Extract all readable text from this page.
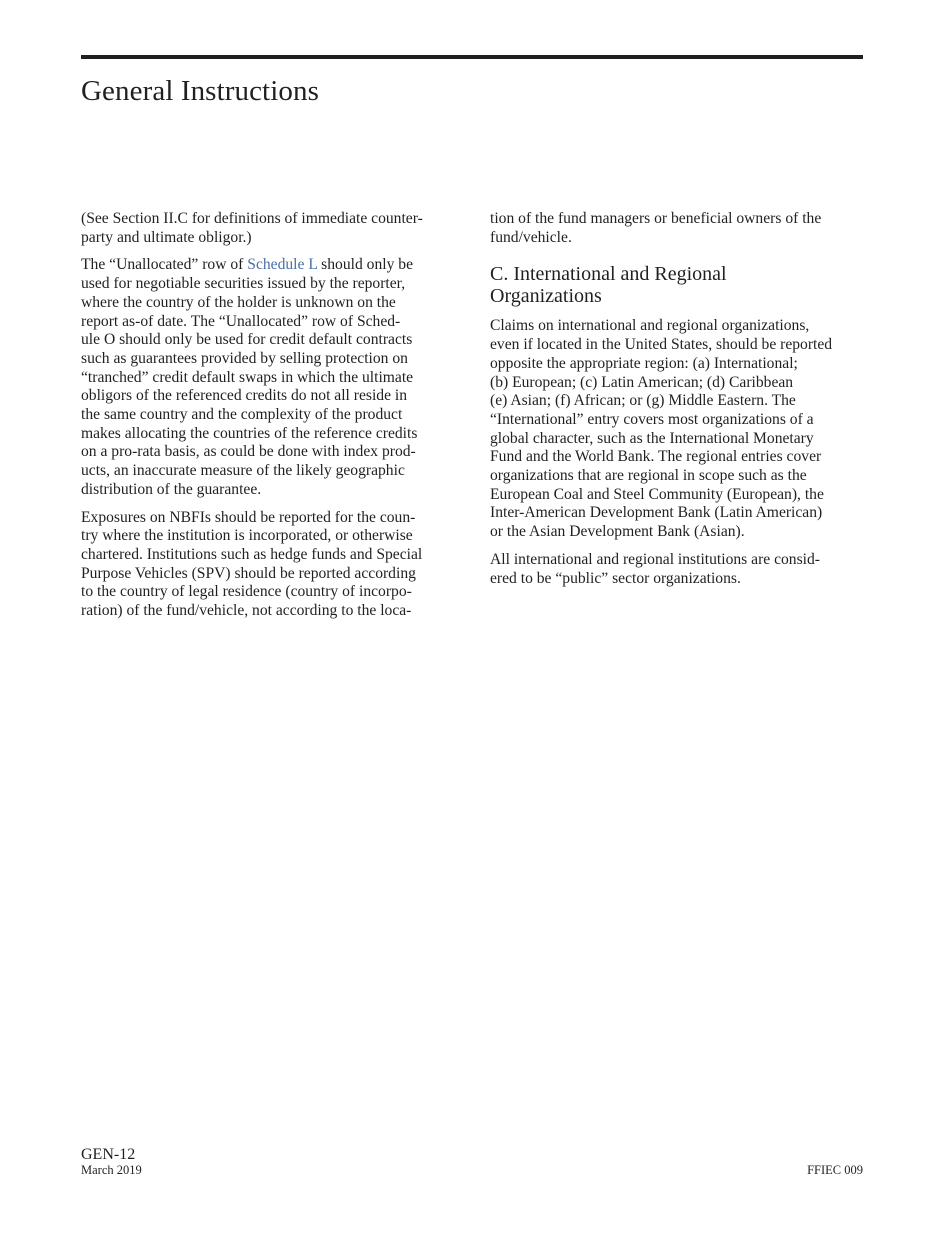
General Instructions

(See Section II.C for definitions of immediate counter-
party and ultimate obligor.)

The “Unallocated” row of Schedule L should only be
used for negotiable securities issued by the reporter,
where the country of the holder is unknown on the
report as-of date. The “Unallocated” row of Sched-
ule O should only be used for credit default contracts
such as guarantees provided by selling protection on
“tranched” credit default swaps in which the ultimate
obligors of the referenced credits do not all reside in
the same country and the complexity of the product
makes allocating the countries of the reference credits
on a pro-rata basis, as could be done with index prod-
ucts, an inaccurate measure of the likely geographic
distribution of the guarantee.

Exposures on NBFIs should be reported for the coun-
try where the institution is incorporated, or otherwise
chartered. Institutions such as hedge funds and Special
Purpose Vehicles (SPV) should be reported according
to the country of legal residence (country of incorpo-
ration) of the fund/vehicle, not according to the loca-

tion of the fund managers or beneficial owners of the
fund/vehicle.

C. International and Regional
Organizations

Claims on international and regional organizations,
even if located in the United States, should be reported
opposite the appropriate region: (a) International;
(b) European; (c) Latin American; (d) Caribbean
(e) Asian; (f) African; or (g) Middle Eastern. The
“International” entry covers most organizations of a
global character, such as the International Monetary
Fund and the World Bank. The regional entries cover
organizations that are regional in scope such as the
European Coal and Steel Community (European), the
Inter-American Development Bank (Latin American)
or the Asian Development Bank (Asian).

All international and regional institutions are consid-
ered to be “public” sector organizations.

GEN-12
March 2019	FFIEC 009
